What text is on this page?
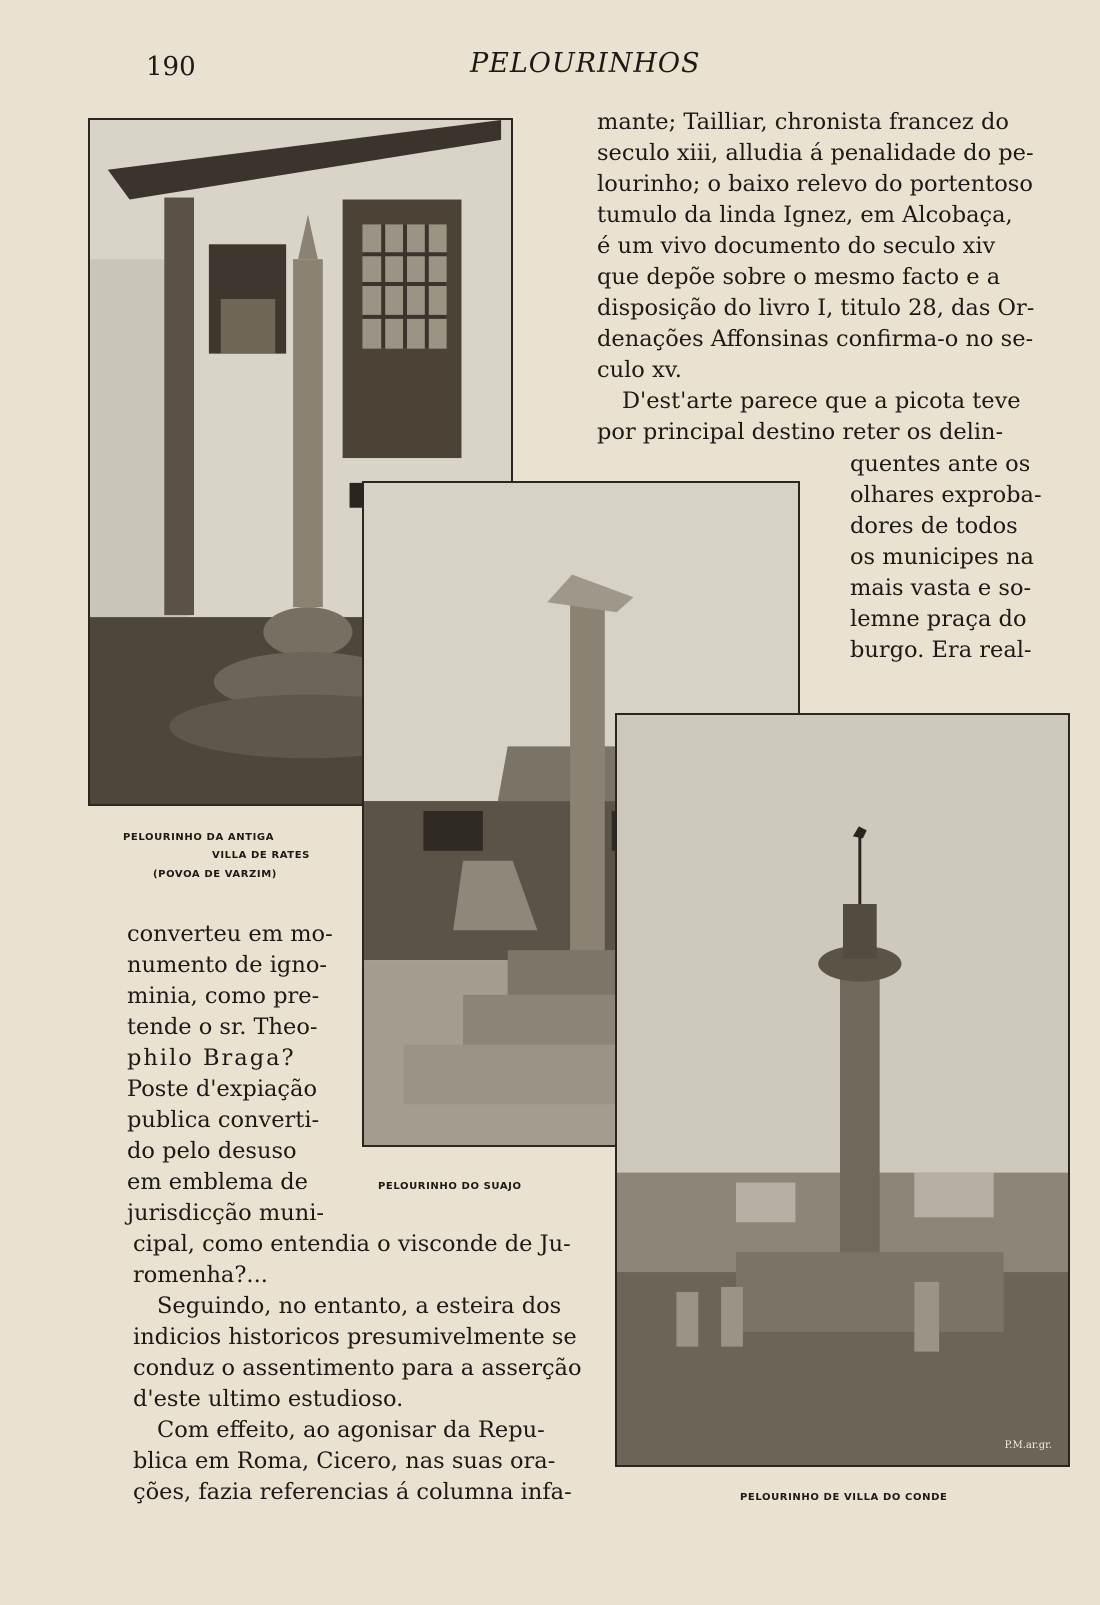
190	PELOURINHOS
P.M.ar.gr.
PELOURINHO DA ANTIGA
VILLA DE RATES
(POVOA DE VARZIM)
PELOURINHO DO SUAJO
PELOURINHO DE VILLA DO CONDE
mante; Tailliar, chronista francez do
seculo xiii, alludia á penalidade do pe-
lourinho; o baixo relevo do portentoso
tumulo da linda Ignez, em Alcobaça,
é um vivo documento do seculo xiv
que depõe sobre o mesmo facto e a
disposição do livro I, titulo 28, das Or-
denações Affonsinas confirma-o no se-
culo xv.
D'est'arte parece que a picota teve
por principal destino reter os delin-
quentes ante os
olhares exproba-
dores de todos
os municipes na
mais vasta e so-
lemne praça do
burgo. Era real-
converteu em mo-
numento de igno-
minia, como pre-
tende o sr. Theo-
philo Braga?
Poste d'expiação
publica converti-
do pelo desuso
em emblema de
jurisdicção muni-
cipal, como entendia o visconde de Ju-
romenha?...
Seguindo, no entanto, a esteira dos
indicios historicos presumivelmente se
conduz o assentimento para a asserção
d'este ultimo estudioso.
Com effeito, ao agonisar da Repu-
blica em Roma, Cicero, nas suas ora-
ções, fazia referencias á columna infa-
